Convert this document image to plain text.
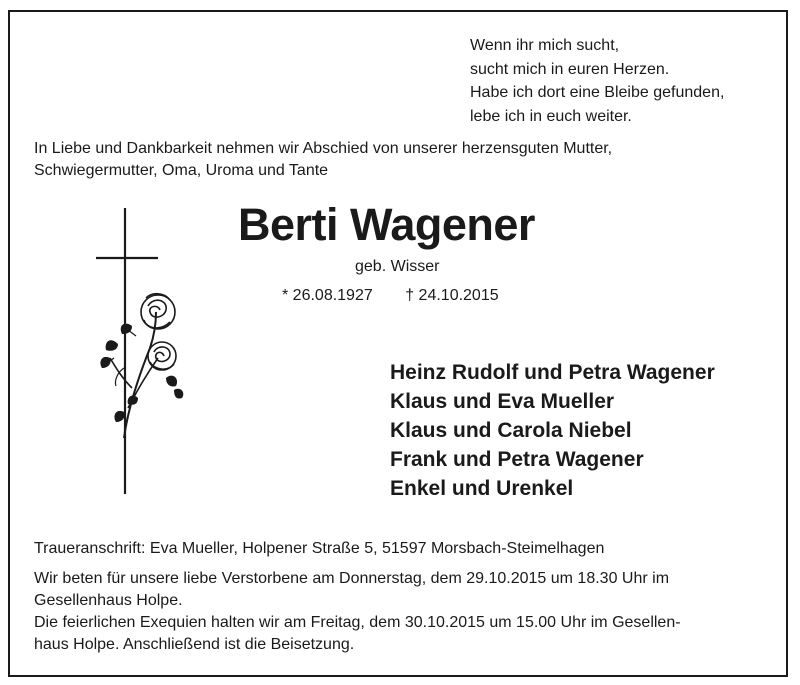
Wenn ihr mich sucht,
sucht mich in euren Herzen.
Habe ich dort eine Bleibe gefunden,
lebe ich in euch weiter.
In Liebe und Dankbarkeit nehmen wir Abschied von unserer herzensguten Mutter,
Schwiegermutter, Oma, Uroma und Tante
Berti Wagener
geb. Wisser
* 26.08.1927 † 24.10.2015
Heinz Rudolf und Petra Wagener
Klaus und Eva Mueller
Klaus und Carola Niebel
Frank und Petra Wagener
Enkel und Urenkel
Traueranschrift: Eva Mueller, Holpener Straße 5, 51597 Morsbach-Steimelhagen
Wir beten für unsere liebe Verstorbene am Donnerstag, dem 29.10.2015 um 18.30 Uhr im
Gesellenhaus Holpe.
Die feierlichen Exequien halten wir am Freitag, dem 30.10.2015 um 15.00 Uhr im Gesellen-
haus Holpe. Anschließend ist die Beisetzung.
